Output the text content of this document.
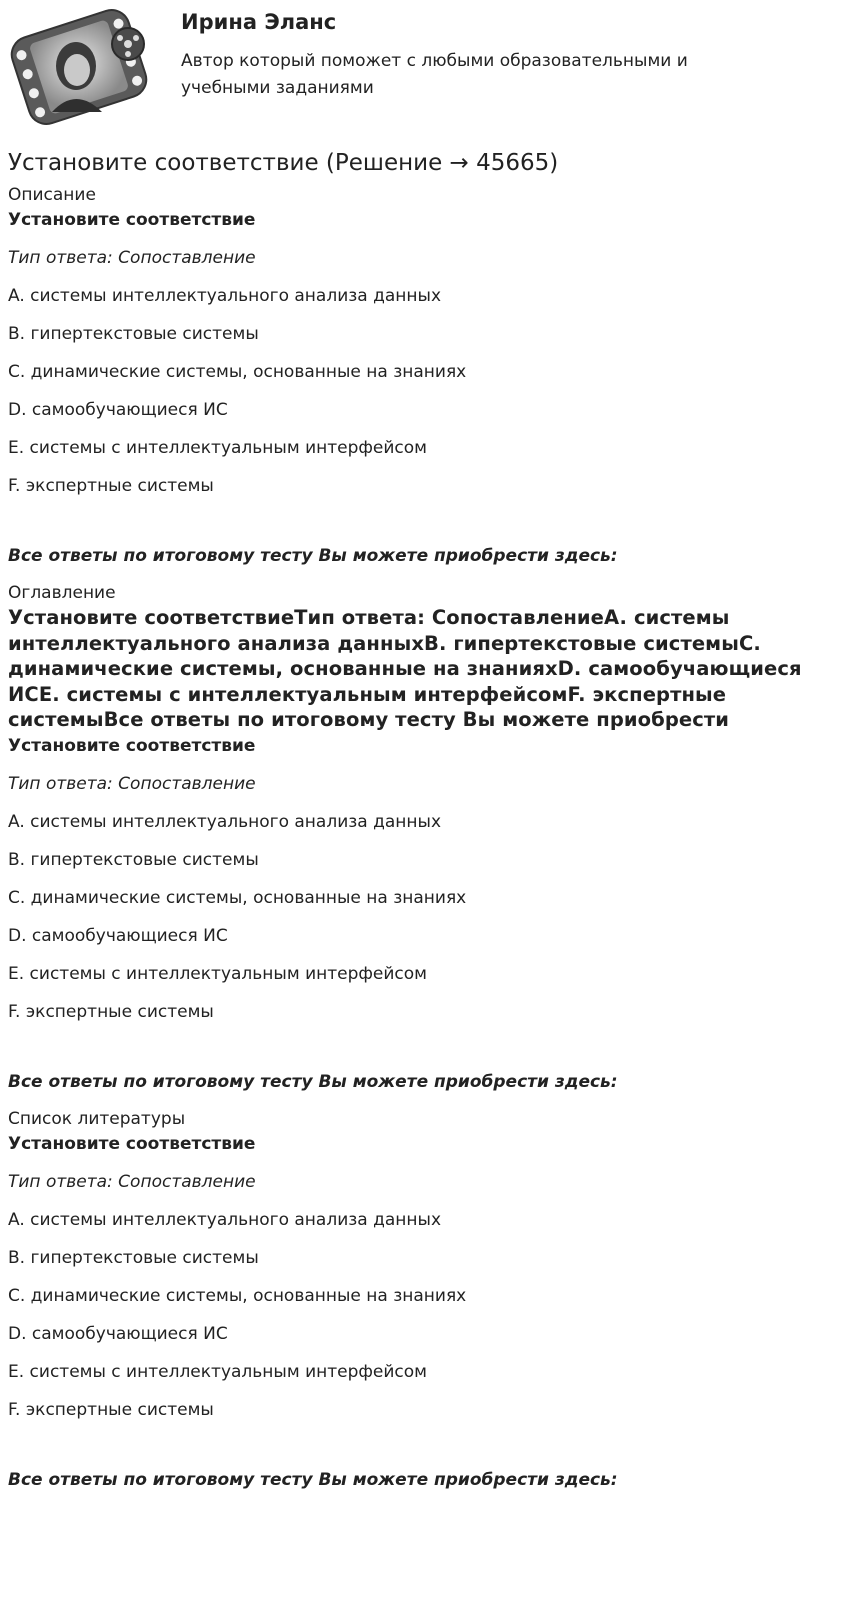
Ирина Эланс

Автор который поможет с любыми образовательными и учебными заданиями

Установите соответствие (Решение → 45665)
Описание
Установите соответствие
Тип ответа: Сопоставление
A. системы интеллектуального анализа данных
B. гипертекстовые системы
C. динамические системы, основанные на знаниях
D. самообучающиеся ИС
E. системы с интеллектуальным интерфейсом
F. экспертные системы
Все ответы по итоговому тесту Вы можете приобрести здесь:
Оглавление
Установите соответствиеТип ответа: СопоставлениеA. системы интеллектуального анализа данныхB. гипертекстовые системыC. динамические системы, основанные на знанияхD. самообучающиеся ИСE. системы с интеллектуальным интерфейсомF. экспертные системыВсе ответы по итоговому тесту Вы можете приобрести
Установите соответствие
Тип ответа: Сопоставление
A. системы интеллектуального анализа данных
B. гипертекстовые системы
C. динамические системы, основанные на знаниях
D. самообучающиеся ИС
E. системы с интеллектуальным интерфейсом
F. экспертные системы
Все ответы по итоговому тесту Вы можете приобрести здесь:
Список литературы
Установите соответствие
Тип ответа: Сопоставление
A. системы интеллектуального анализа данных
B. гипертекстовые системы
C. динамические системы, основанные на знаниях
D. самообучающиеся ИС
E. системы с интеллектуальным интерфейсом
F. экспертные системы
Все ответы по итоговому тесту Вы можете приобрести здесь:
